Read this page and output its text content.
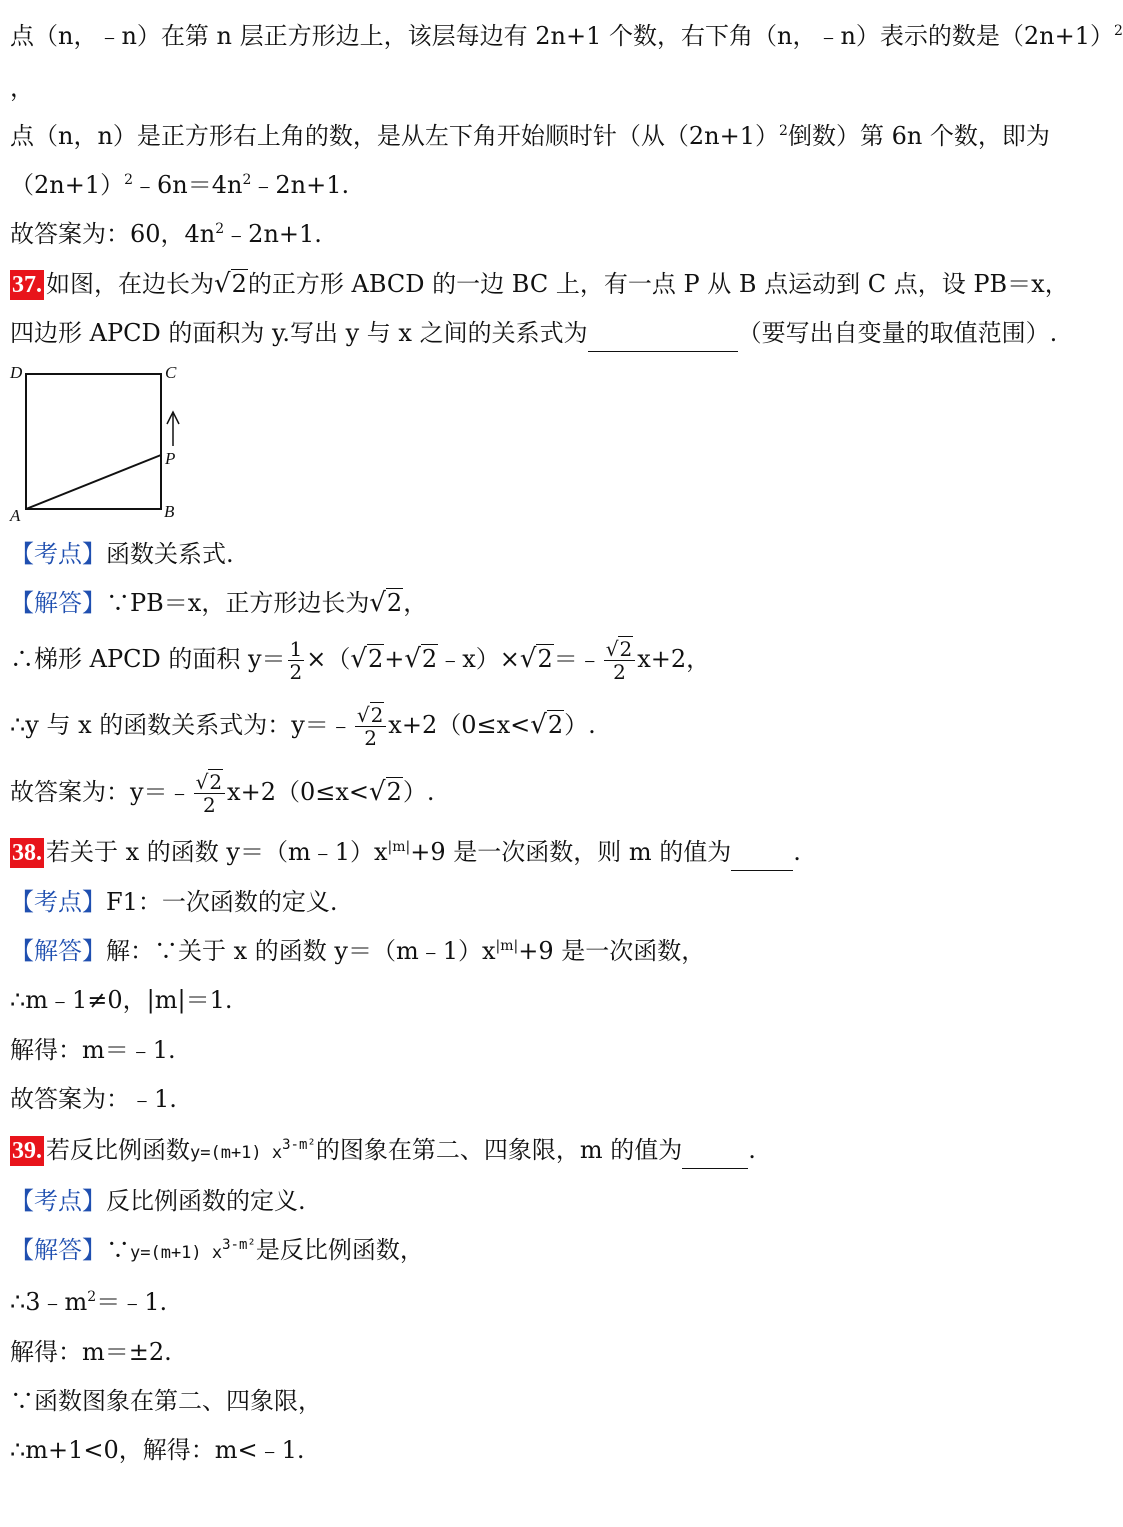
点（n，﹣n）在第 n 层正方形边上，该层每边有 2n+1 个数，右下角（n，﹣n）表示的数是$(2n+1)^2$
，
点（n，n）是正方形右上角的数，是从左下角开始顺时针（从$(2n+1)^2$倒数）第 6n 个数，即为
$(2n+1)^2﹣6n=4n^2﹣2n+1$.
故答案为：60，$4n^2﹣2n+1$.
37. 如图，在边长为√2的正方形 ABCD 的一边 BC 上，有一点 P 从 B 点运动到 C 点，设 PB＝x，
四边形 APCD 的面积为 y.写出 y 与 x 之间的关系式为	（要写出自变量的取值范围）.
D	C
A	B
P
【考点】函数关系式.
【解答】∵PB＝x，正方形边长为√2，
∴梯形 APCD 的面积 $y= \frac{1}{2}$ ×（√2+√2﹣x）×√2＝﹣ $\frac{√2}{2} x+2$，
∴y 与 x 的函数关系式为：y＝﹣ $\frac{√2}{2} x+2(0\le x<√2)$.
故答案为：y＝﹣ $\frac{√2}{2} x+2(0\le x<√2)$.
38. 若关于 x 的函数 $y=(m﹣1)x^{|m|}+9$ 是一次函数，则 m 的值为	.
【考点】F1：一次函数的定义.
【解答】解：∵关于 x 的函数 $y=(m﹣1)x^{|m|}+9$ 是一次函数，
∴m﹣1≠0，|m|＝1.
解得：m＝﹣1.
故答案为：﹣1.
39. 若反比例函数y=(m+1) $x^{3-m^2}$的图象在第二、四象限，m 的值为	.
【考点】反比例函数的定义.
【解答】∵y=(m+1) $x^{3-m^2}$是反比例函数，
$\therefore 3﹣m^2=﹣1$.
解得：m＝±2.
∵函数图象在第二、四象限，
∴m+1<0，解得：m<﹣1.
